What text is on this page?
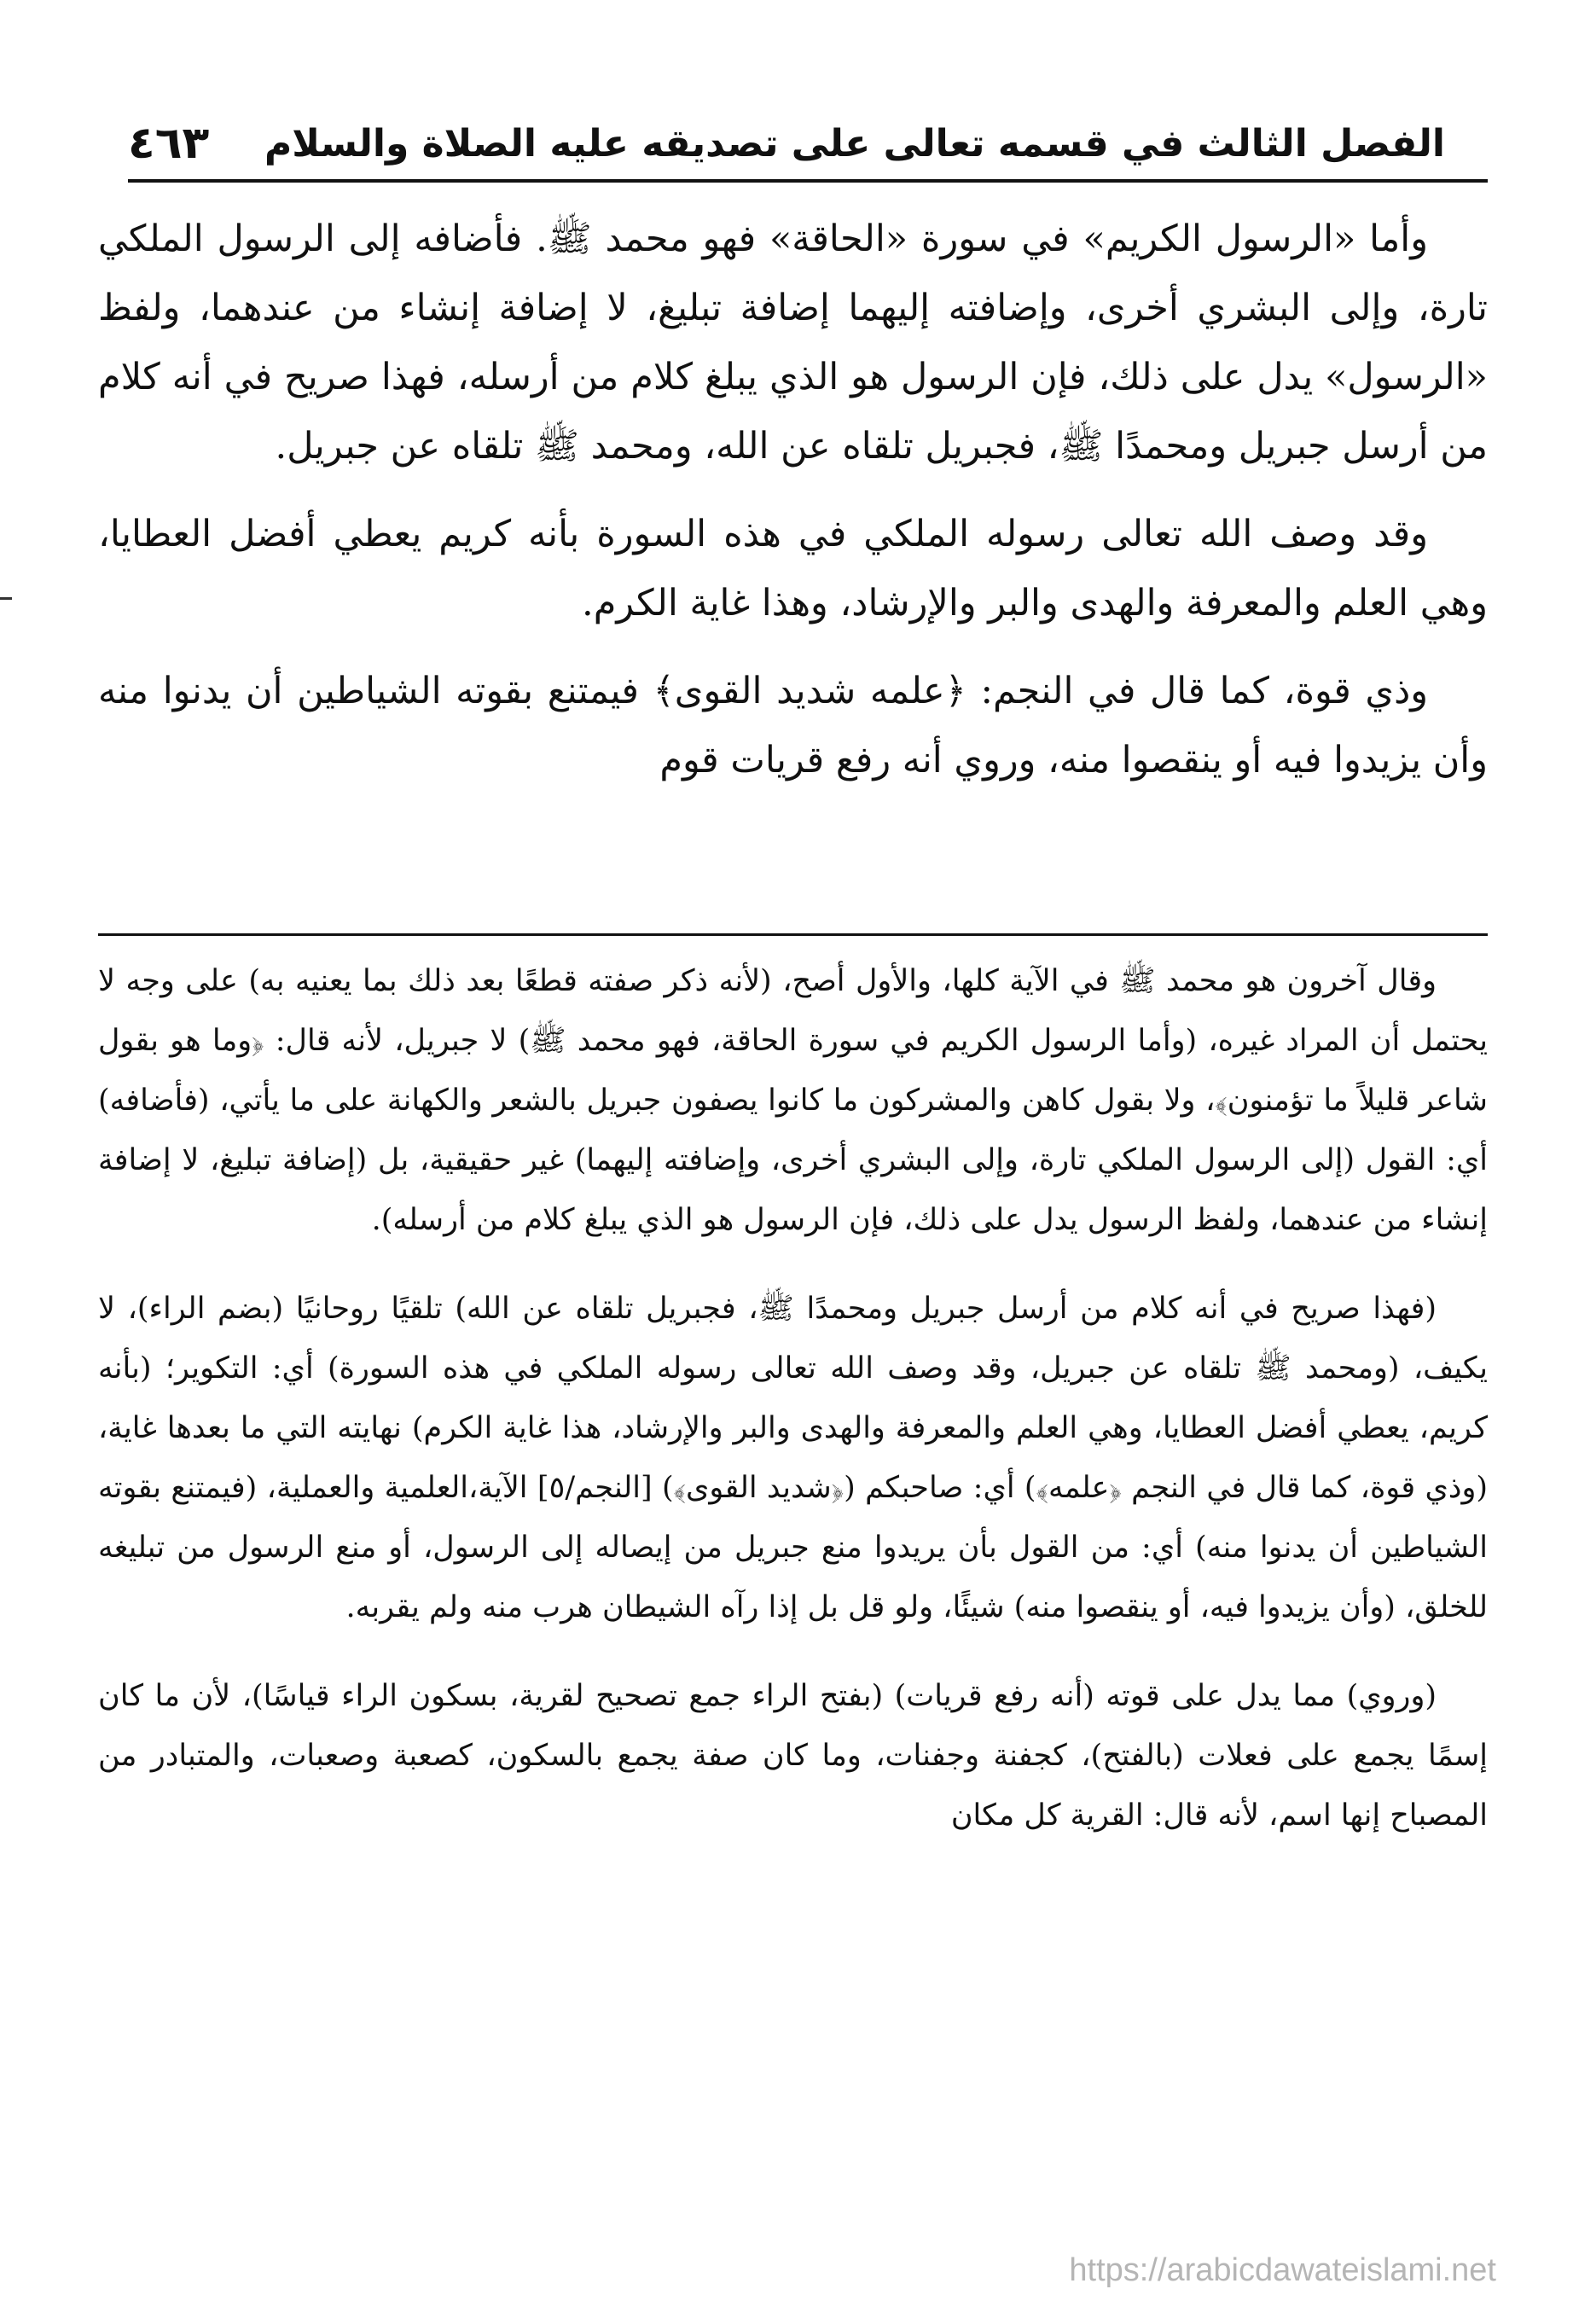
الفصل الثالث في قسمه تعالى على تصديقه عليه الصلاة والسلام
٤٦٣

وأما «الرسول الكريم» في سورة «الحاقة» فهو محمد ﷺ. فأضافه إلى الرسول الملكي تارة، وإلى البشري أخرى، وإضافته إليهما إضافة تبليغ، لا إضافة إنشاء من عندهما، ولفظ «الرسول» يدل على ذلك، فإن الرسول هو الذي يبلغ كلام من أرسله، فهذا صريح في أنه كلام من أرسل جبريل ومحمدًا ﷺ، فجبريل تلقاه عن الله، ومحمد ﷺ تلقاه عن جبريل.

وقد وصف الله تعالى رسوله الملكي في هذه السورة بأنه كريم يعطي أفضل العطايا، وهي العلم والمعرفة والهدى والبر والإرشاد، وهذا غاية الكرم.

وذي قوة، كما قال في النجم: ﴿علمه شديد القوى﴾ فيمتنع بقوته الشياطين أن يدنوا منه وأن يزيدوا فيه أو ينقصوا منه، وروي أنه رفع قريات قوم

وقال آخرون هو محمد ﷺ في الآية كلها، والأول أصح، (لأنه ذكر صفته قطعًا بعد ذلك بما يعنيه به) على وجه لا يحتمل أن المراد غيره، (وأما الرسول الكريم في سورة الحاقة، فهو محمد ﷺ) لا جبريل، لأنه قال: ﴿وما هو بقول شاعر قليلاً ما تؤمنون﴾، ولا بقول كاهن والمشركون ما كانوا يصفون جبريل بالشعر والكهانة على ما يأتي، (فأضافه) أي: القول (إلى الرسول الملكي تارة، وإلى البشري أخرى، وإضافته إليهما) غير حقيقية، بل (إضافة تبليغ، لا إضافة إنشاء من عندهما، ولفظ الرسول يدل على ذلك، فإن الرسول هو الذي يبلغ كلام من أرسله).

(فهذا صريح في أنه كلام من أرسل جبريل ومحمدًا ﷺ، فجبريل تلقاه عن الله) تلقيًا روحانيًا (بضم الراء)، لا يكيف، (ومحمد ﷺ تلقاه عن جبريل، وقد وصف الله تعالى رسوله الملكي في هذه السورة) أي: التكوير؛ (بأنه كريم، يعطي أفضل العطايا، وهي العلم والمعرفة والهدى والبر والإرشاد، هذا غاية الكرم) نهايته التي ما بعدها غاية، (وذي قوة، كما قال في النجم ﴿علمه﴾) أي: صاحبكم (﴿شديد القوى﴾) [النجم/٥] الآية،العلمية والعملية، (فيمتنع بقوته الشياطين أن يدنوا منه) أي: من القول بأن يريدوا منع جبريل من إيصاله إلى الرسول، أو منع الرسول من تبليغه للخلق، (وأن يزيدوا فيه، أو ينقصوا منه) شيئًا، ولو قل بل إذا رآه الشيطان هرب منه ولم يقربه.

(وروي) مما يدل على قوته (أنه رفع قريات) (بفتح الراء جمع تصحيح لقرية، بسكون الراء قياسًا)، لأن ما كان إسمًا يجمع على فعلات (بالفتح)، كجفنة وجفنات، وما كان صفة يجمع بالسكون، كصعبة وصعبات، والمتبادر من المصباح إنها اسم، لأنه قال: القرية كل مكان

https://arabicdawateislami.net
